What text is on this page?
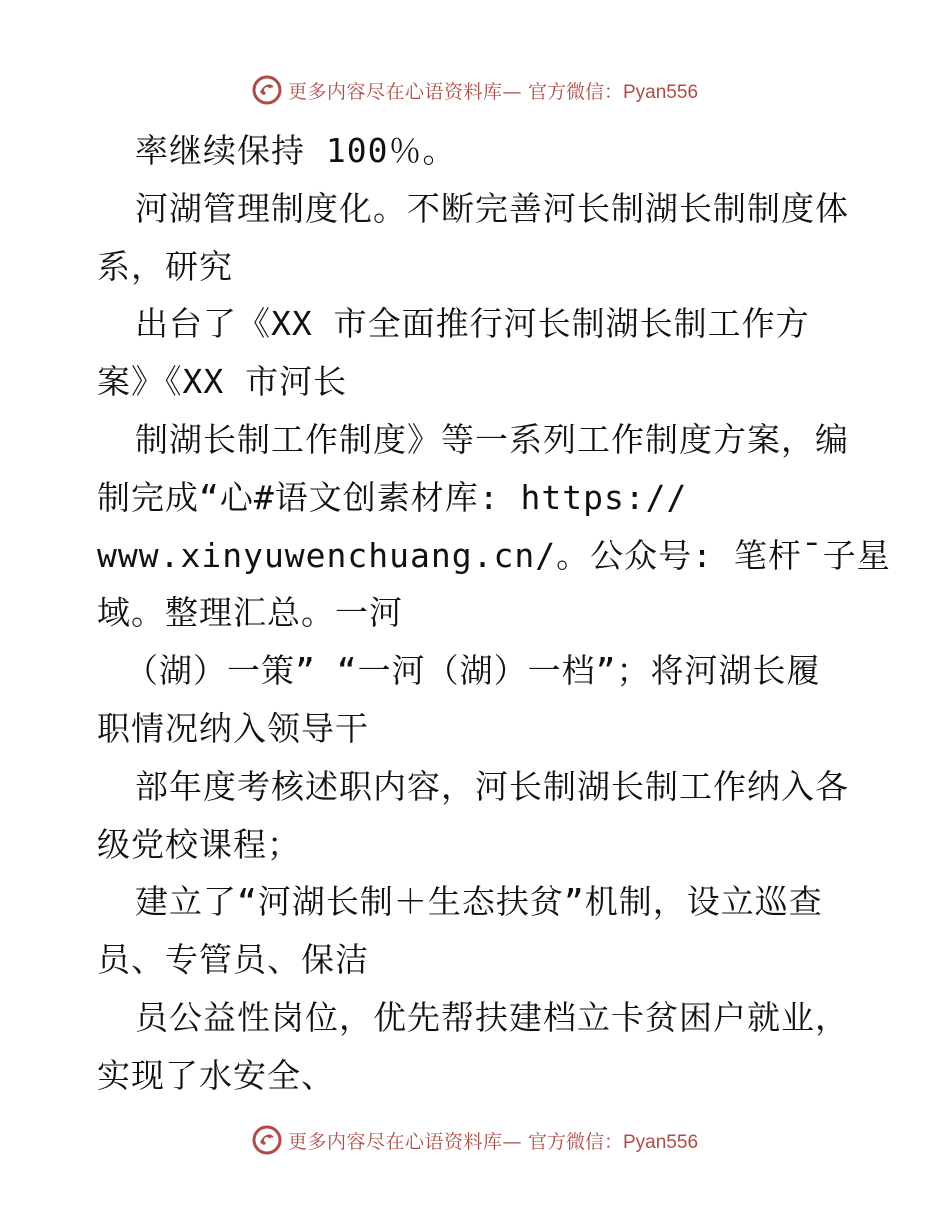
更多内容尽在心语资料库— 官方微信：Pyan556
率继续保持 100％。
河湖管理制度化。不断完善河长制湖长制制度体
系，研究
出台了《XX 市全面推行河长制湖长制工作方
案》《XX 市河长
制湖长制工作制度》等一系列工作制度方案，编
制完成“心#语文创素材库: https://
www.xinyuwenchuang.cn/。公众号: 笔杆¯子星
域。整理汇总。一河
（湖）一策” “一河（湖）一档”；将河湖长履
职情况纳入领导干
部年度考核述职内容，河长制湖长制工作纳入各
级党校课程；
建立了“河湖长制＋生态扶贫”机制，设立巡查
员、专管员、保洁
员公益性岗位，优先帮扶建档立卡贫困户就业，
实现了水安全、
更多内容尽在心语资料库— 官方微信：Pyan556
